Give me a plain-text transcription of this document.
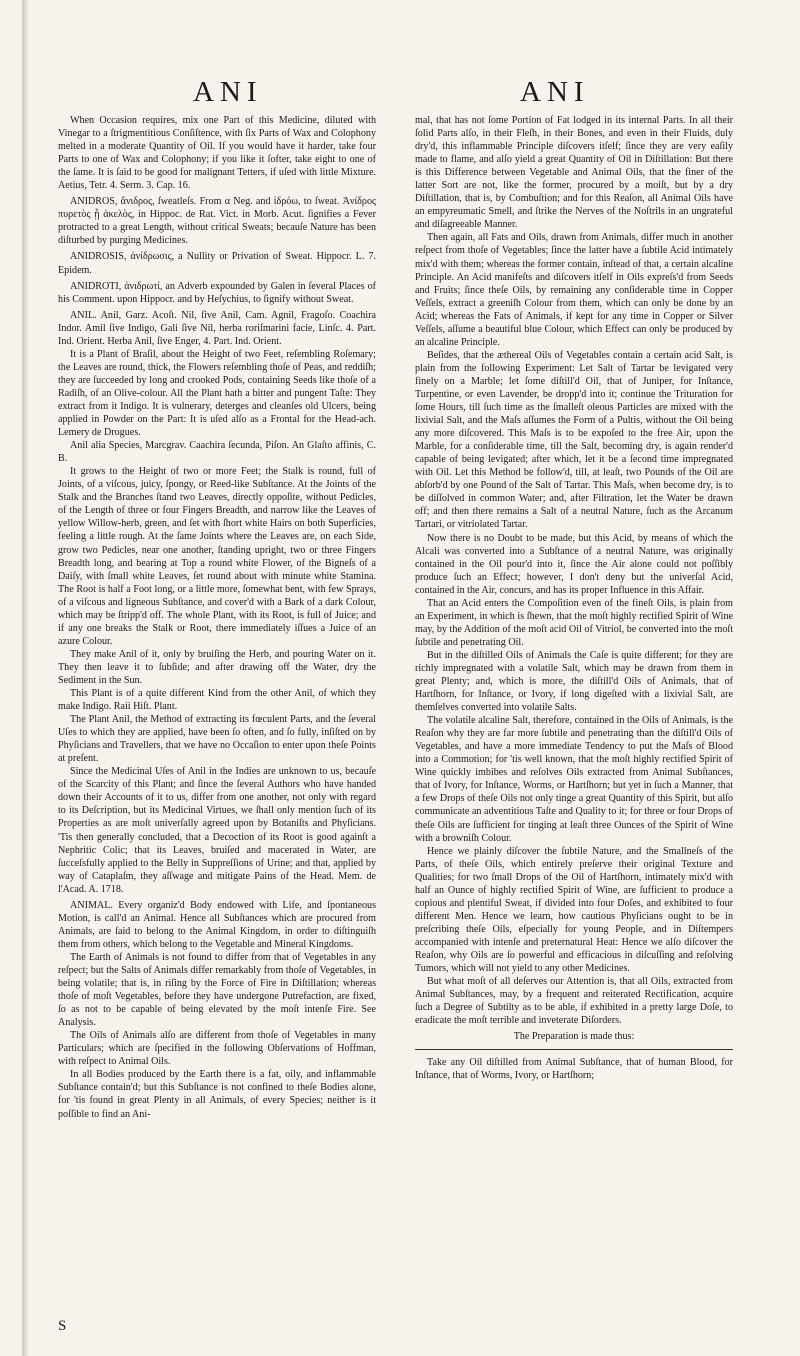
ANI	ANI

When Occasion requires, mix one Part of this Medicine, diluted with Vinegar to a ſtrigmentitious Conſiſtence, with ſix Parts of Wax and Colophony melted in a moderate Quantity of Oil. If you would have it harder, take four Parts to one of Wax and Colophony; if you like it ſofter, take eight to one of the ſame. It is ſaid to be good for malignant Tetters, if uſed with little Mixture. Aetius, Tetr. 4. Serm. 3. Cap. 16.

ANIDROS, ἄνιδρος, ſweatleſs. From α Neg. and ἱδρόω, to ſweat. Ἀνίδρος πυρετὸς ᾗ ἀκελὸς, in Hippoc. de Rat. Vict. in Morb. Acut. ſignifies a Fever protracted to a great Length, without critical Sweats; becauſe Nature has been diſturbed by purging Medicines.

ANIDROSIS, ἀνίδρωσις, a Nullity or Privation of Sweat. Hippocr. L. 7. Epidem.

ANIDROTI, ἀνιδρωτί, an Adverb expounded by Galen in ſeveral Places of his Comment. upon Hippocr. and by Heſychius, to ſignify without Sweat.

ANIL. Anil, Garz. Acoſt. Nil, ſive Anil, Cam. Agnil, Fragoſo. Coachira Indor. Amil ſive Indigo, Gali ſive Nil, herba roriſmarini facie, Linſc. 4. Part. Ind. Orient. Herba Anil, ſive Enger, 4. Part. Ind. Orient.

It is a Plant of Braſil, about the Height of two Feet, reſembling Roſemary; the Leaves are round, thick, the Flowers reſembling thoſe of Peas, and reddiſh; they are ſucceeded by long and crooked Pods, containing Seeds like thoſe of a Radiſh, of an Olive-colour. All the Plant hath a bitter and pungent Taſte: They extract from it Indigo. It is vulnerary, deterges and cleanſes old Ulcers, being applied in Powder on the Part: It is uſed alſo as a Frontal for the Head-ach. Lemery de Drogues.

Anil alia Species, Marcgrav. Caachira ſecunda, Piſon. An Glaſto affinis, C. B.

It grows to the Height of two or more Feet; the Stalk is round, full of Joints, of a viſcous, juicy, ſpongy, or Reed-like Subſtance. At the Joints of the Stalk and the Branches ſtand two Leaves, directly oppoſite, without Pedicles, of the Length of three or four Fingers Breadth, and narrow like the Leaves of yellow Willow-herb, green, and ſet with ſhort white Hairs on both Superficies, feeling a little rough. At the ſame Joints where the Leaves are, on each Side, grow two Pedicles, near one another, ſtanding upright, two or three Fingers Breadth long, and bearing at Top a round white Flower, of the Bigneſs of a Daiſy, with ſmall white Leaves, ſet round about with minute white Stamina. The Root is half a Foot long, or a little more, ſomewhat bent, with few Sprays, of a viſcous and ligneous Subſtance, and cover'd with a Bark of a dark Colour, which may be ſtripp'd off. The whole Plant, with its Root, is full of Juice; and if any one breaks the Stalk or Root, there immediately iſſues a Juice of an azure Colour.

They make Anil of it, only by bruiſing the Herb, and pouring Water on it. They then leave it to ſubſide; and after drawing off the Water, dry the Sediment in the Sun.

This Plant is of a quite different Kind from the other Anil, of which they make Indigo. Raii Hiſt. Plant.

The Plant Anil, the Method of extracting its fœculent Parts, and the ſeveral Uſes to which they are applied, have been ſo often, and ſo fully, inſiſted on by Phyſicians and Travellers, that we have no Occaſion to enter upon theſe Points at preſent.

Since the Medicinal Uſes of Anil in the Indies are unknown to us, becauſe of the Scarcity of this Plant; and ſince the ſeveral Authors who have handed down their Accounts of it to us, differ from one another, not only with regard to its Deſcription, but its Medicinal Virtues, we ſhall only mention ſuch of its Properties as are moſt univerſally agreed upon by Botaniſts and Phyſicians. 'Tis then generally concluded, that a Decoction of its Root is good againſt a Nephritic Colic; that its Leaves, bruiſed and macerated in Water, are ſucceſsfully applied to the Belly in Suppreſſions of Urine; and that, applied by way of Cataplaſm, they aſſwage and mitigate Pains of the Head. Mem. de l'Acad. A. 1718.

ANIMAL. Every organiz'd Body endowed with Life, and ſpontaneous Motion, is call'd an Animal. Hence all Subſtances which are procured from Animals, are ſaid to belong to the Animal Kingdom, in order to diſtinguiſh them from others, which belong to the Vegetable and Mineral Kingdoms.

The Earth of Animals is not found to differ from that of Vegetables in any reſpect; but the Salts of Animals differ remarkably from thoſe of Vegetables, in being volatile; that is, in riſing by the Force of Fire in Diſtillation; whereas thoſe of moſt Vegetables, before they have undergone Putrefaction, are fixed, ſo as not to be capable of being elevated by the moſt intenſe Fire. See Analysis.

The Oils of Animals alſo are different from thoſe of Vegetables in many Particulars; which are ſpecified in the following Obſervations of Hoffman, with reſpect to Animal Oils.

In all Bodies produced by the Earth there is a fat, oily, and inflammable Subſtance contain'd; but this Subſtance is not confined to theſe Bodies alone, for 'tis found in great Plenty in all Animals, of every Species; neither is it poſſible to find an Ani-

mal, that has not ſome Portion of Fat lodged in its internal Parts. In all their ſolid Parts alſo, in their Fleſh, in their Bones, and even in their Fluids, duly dry'd, this inflammable Principle diſcovers itſelf; ſince they are very eaſily made to flame, and alſo yield a great Quantity of Oil in Diſtillation: But there is this Difference between Vegetable and Animal Oils, that the finer of the latter Sort are not, like the former, procured by a moiſt, but by a dry Diſtillation, that is, by Combuſtion; and for this Reaſon, all Animal Oils have an empyreumatic Smell, and ſtrike the Nerves of the Noſtrils in an ungrateful and diſagreeable Manner.

Then again, all Fats and Oils, drawn from Animals, differ much in another reſpect from thoſe of Vegetables; ſince the latter have a ſubtile Acid intimately mix'd with them; whereas the former contain, inſtead of that, a certain alcaline Principle. An Acid manifeſts and diſcovers itſelf in Oils expreſs'd from Seeds and Fruits; ſince theſe Oils, by remaining any conſiderable time in Copper Veſſels, extract a greeniſh Colour from them, which can only be done by an Acid; whereas the Fats of Animals, if kept for any time in Copper or Silver Veſſels, aſſume a beautiful blue Colour, which Effect can only be produced by an alcaline Principle.

Beſides, that the æthereal Oils of Vegetables contain a certain acid Salt, is plain from the following Experiment: Let Salt of Tartar be levigated very finely on a Marble; let ſome diſtill'd Oil, that of Juniper, for Inſtance, Turpentine, or even Lavender, be dropp'd into it; continue the Trituration for ſome Hours, till ſuch time as the ſmalleſt oleous Particles are mixed with the lixivial Salt, and the Maſs aſſumes the Form of a Pultis, without the Oil being any more diſcovered. This Maſs is to be expoſed to the free Air, upon the Marble, for a conſiderable time, till the Salt, becoming dry, is again render'd capable of being levigated; after which, let it be a ſecond time impregnated with Oil. Let this Method be follow'd, till, at leaſt, two Pounds of the Oil are abſorb'd by one Pound of the Salt of Tartar. This Maſs, when become dry, is to be diſſolved in common Water; and, after Filtration, let the Water be drawn off; and then there remains a Salt of a neutral Nature, ſuch as the Arcanum Tartari, or vitriolated Tartar.

Now there is no Doubt to be made, but this Acid, by means of which the Alcali was converted into a Subſtance of a neutral Nature, was originally contained in the Oil pour'd into it, ſince the Air alone could not poſſibly produce ſuch an Effect; however, I don't deny but the univerſal Acid, contained in the Air, concurs, and has its proper Influence in this Affair.

That an Acid enters the Compoſition even of the fineſt Oils, is plain from an Experiment, in which is ſhewn, that the moſt highly rectified Spirit of Wine may, by the Addition of the moſt acid Oil of Vitriol, be converted into the moſt ſubtile and penetrating Oil.

But in the diſtilled Oils of Animals the Caſe is quite different; for they are richly impregnated with a volatile Salt, which may be drawn from them in great Plenty; and, which is more, the diſtill'd Oils of Animals, that of Hartſhorn, for Inſtance, or Ivory, if long digeſted with a lixivial Salt, are themſelves converted into volatile Salts.

The volatile alcaline Salt, therefore, contained in the Oils of Animals, is the Reaſon why they are far more ſubtile and penetrating than the diſtill'd Oils of Vegetables, and have a more immediate Tendency to put the Maſs of Blood into a Commotion; for 'tis well known, that the moſt highly rectified Spirit of Wine quickly imbibes and reſolves Oils extracted from Animal Subſtances, that of Ivory, for Inſtance, Worms, or Hartſhorn; but yet in ſuch a Manner, that a few Drops of theſe Oils not only tinge a great Quantity of this Spirit, but alſo communicate an adventitious Taſte and Quality to it; for three or four Drops of theſe Oils are ſufficient for tinging at leaſt three Ounces of the Spirit of Wine with a browniſh Colour.

Hence we plainly diſcover the ſubtile Nature, and the Smallneſs of the Parts, of theſe Oils, which entirely preſerve their original Texture and Qualities; for two ſmall Drops of the Oil of Hartſhorn, intimately mix'd with half an Ounce of highly rectified Spirit of Wine, are ſufficient to produce a copious and plentiful Sweat, if divided into four Doſes, and exhibited to four different Men. Hence we learn, how cautious Phyſicians ought to be in preſcribing theſe Oils, eſpecially for young People, and in Diſtempers accompanied with intenſe and preternatural Heat: Hence we alſo diſcover the Reaſon, why Oils are ſo powerful and efficacious in diſcuſſing and reſolving Tumors, which will not yield to any other Medicines.

But what moſt of all deſerves our Attention is, that all Oils, extracted from Animal Subſtances, may, by a frequent and reiterated Rectification, acquire ſuch a Degree of Subtilty as to be able, if exhibited in a pretty large Doſe, to eradicate the moſt terrible and inveterate Diſorders.

The Preparation is made thus:

Take any Oil diſtilled from Animal Subſtance, that of human Blood, for Inſtance, that of Worms, Ivory, or Hartſhorn;

S
